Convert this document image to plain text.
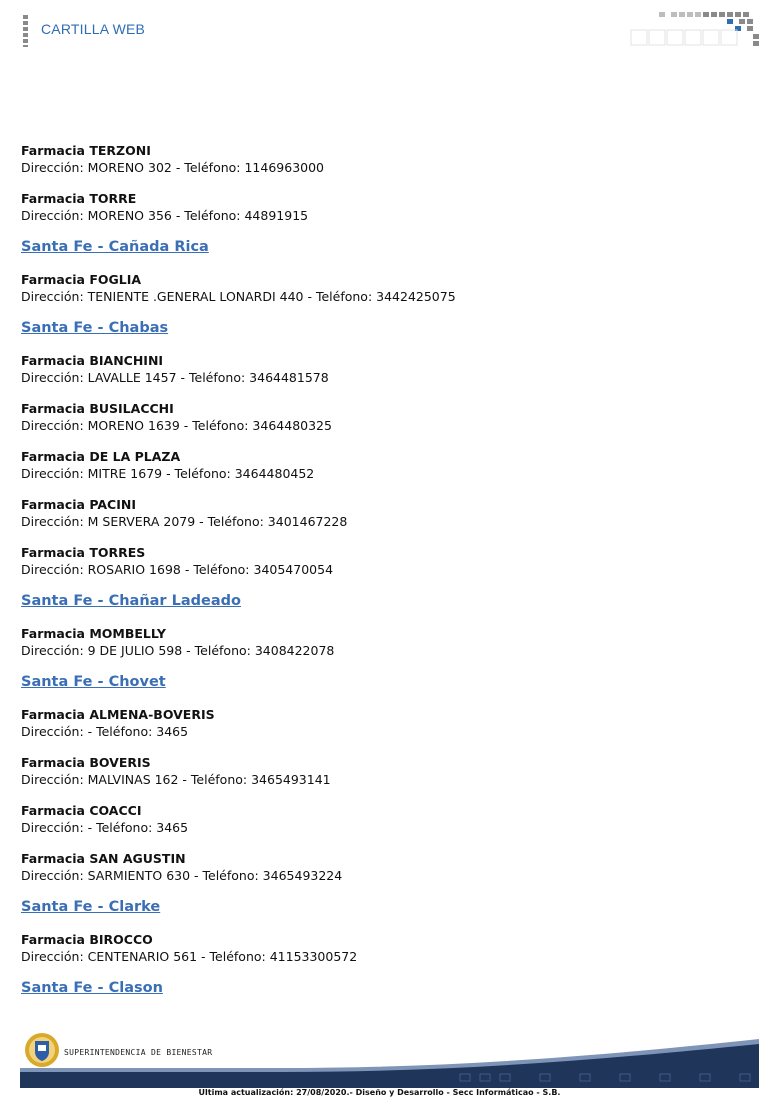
CARTILLA WEB
Farmacia TERZONI
Dirección: MORENO 302 - Teléfono: 1146963000
Farmacia TORRE
Dirección: MORENO 356 - Teléfono: 44891915
Santa Fe - Cañada Rica
Farmacia FOGLIA
Dirección: TENIENTE .GENERAL LONARDI 440 - Teléfono: 3442425075
Santa Fe - Chabas
Farmacia BIANCHINI
Dirección: LAVALLE 1457 - Teléfono: 3464481578
Farmacia BUSILACCHI
Dirección: MORENO 1639 - Teléfono: 3464480325
Farmacia DE LA PLAZA
Dirección: MITRE 1679 - Teléfono: 3464480452
Farmacia PACINI
Dirección: M SERVERA 2079 - Teléfono: 3401467228
Farmacia TORRES
Dirección: ROSARIO 1698 - Teléfono: 3405470054
Santa Fe - Chañar Ladeado
Farmacia MOMBELLY
Dirección: 9 DE JULIO 598 - Teléfono: 3408422078
Santa Fe - Chovet
Farmacia ALMENA-BOVERIS
Dirección: - Teléfono: 3465
Farmacia BOVERIS
Dirección: MALVINAS 162 - Teléfono: 3465493141
Farmacia COACCI
Dirección: - Teléfono: 3465
Farmacia SAN AGUSTIN
Dirección: SARMIENTO 630 - Teléfono: 3465493224
Santa Fe - Clarke
Farmacia BIROCCO
Dirección: CENTENARIO 561 - Teléfono: 41153300572
Santa Fe - Clason
SUPERINTENDENCIA DE BIENESTAR
Ultima actualización: 27/08/2020.- Diseño y Desarrollo - Secc Informáticao - S.B.
